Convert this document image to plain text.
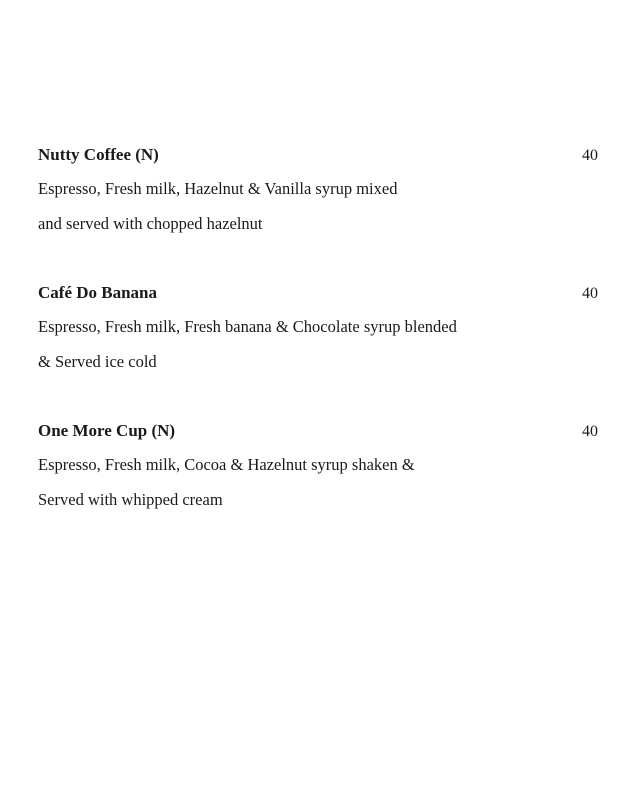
Nutty Coffee (N)	40
Espresso, Fresh milk, Hazelnut & Vanilla syrup mixed
and served with chopped hazelnut
Café Do Banana	40
Espresso, Fresh milk, Fresh banana & Chocolate syrup blended
& Served ice cold
One More Cup (N)	40
Espresso, Fresh milk, Cocoa & Hazelnut syrup shaken &
Served with whipped cream
